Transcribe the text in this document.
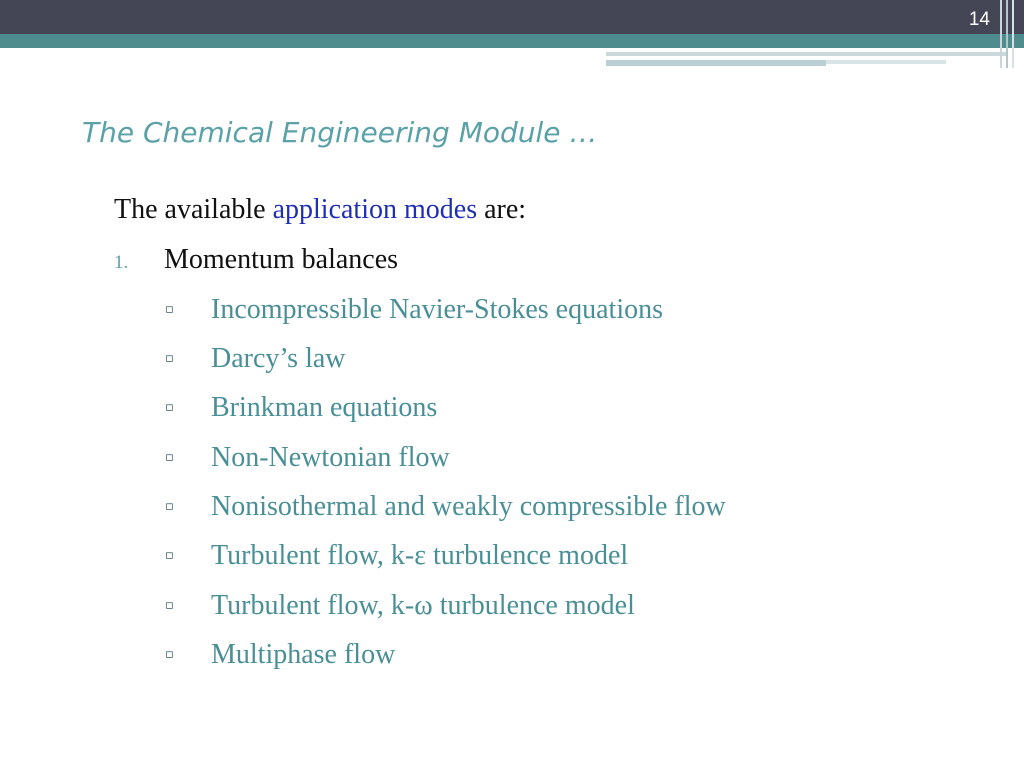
14
The Chemical Engineering Module …
The available application modes are:
1. Momentum balances
▫ Incompressible Navier-Stokes equations
▫ Darcy’s law
▫ Brinkman equations
▫ Non-Newtonian flow
▫ Nonisothermal and weakly compressible flow
▫ Turbulent flow, k-ε turbulence model
▫ Turbulent flow, k-ω turbulence model
▫ Multiphase flow
